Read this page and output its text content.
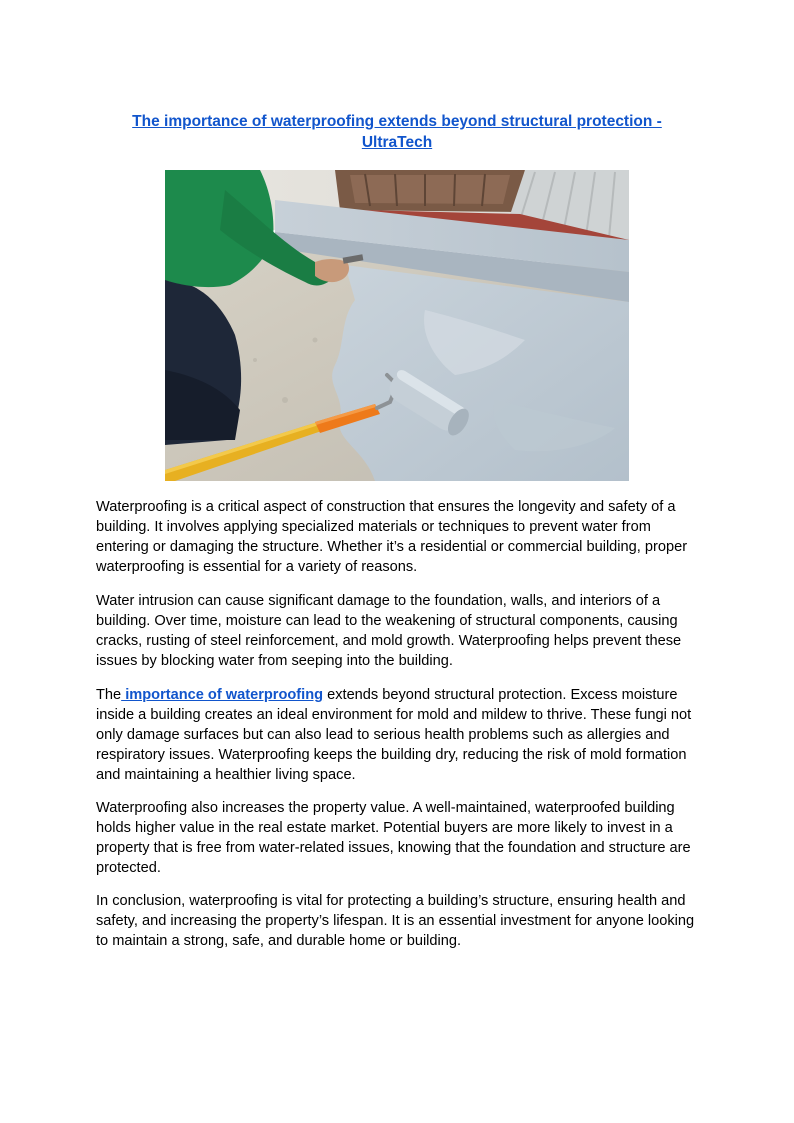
The importance of waterproofing extends beyond structural protection - UltraTech

Waterproofing is a critical aspect of construction that ensures the longevity and safety of a building. It involves applying specialized materials or techniques to prevent water from entering or damaging the structure. Whether it’s a residential or commercial building, proper waterproofing is essential for a variety of reasons.

Water intrusion can cause significant damage to the foundation, walls, and interiors of a building. Over time, moisture can lead to the weakening of structural components, causing cracks, rusting of steel reinforcement, and mold growth. Waterproofing helps prevent these issues by blocking water from seeping into the building.

The importance of waterproofing extends beyond structural protection. Excess moisture inside a building creates an ideal environment for mold and mildew to thrive. These fungi not only damage surfaces but can also lead to serious health problems such as allergies and respiratory issues. Waterproofing keeps the building dry, reducing the risk of mold formation and maintaining a healthier living space.

Waterproofing also increases the property value. A well-maintained, waterproofed building holds higher value in the real estate market. Potential buyers are more likely to invest in a property that is free from water-related issues, knowing that the foundation and structure are protected.

In conclusion, waterproofing is vital for protecting a building’s structure, ensuring health and safety, and increasing the property’s lifespan. It is an essential investment for anyone looking to maintain a strong, safe, and durable home or building.
